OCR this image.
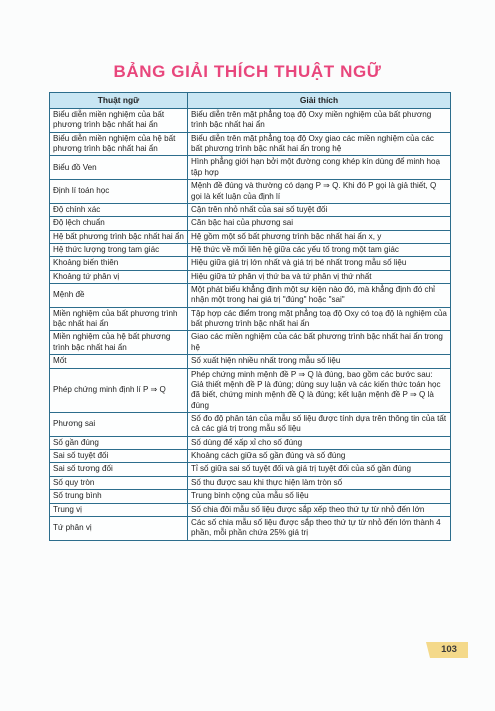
BẢNG GIẢI THÍCH THUẬT NGỮ
Thuật ngữ	Giải thích
Biểu diễn miền nghiệm của bất phương trình bậc nhất hai ẩn	Biểu diễn trên mặt phẳng toạ độ Oxy miền nghiệm của bất phương trình bậc nhất hai ẩn
Biểu diễn miền nghiệm của hệ bất phương trình bậc nhất hai ẩn	Biểu diễn trên mặt phẳng toạ độ Oxy giao các miền nghiệm của các bất phương trình bậc nhất hai ẩn trong hệ
Biểu đồ Ven	Hình phẳng giới hạn bởi một đường cong khép kín dùng để minh hoạ tập hợp
Định lí toán học	Mệnh đề đúng và thường có dạng P ⇒ Q. Khi đó P gọi là giả thiết, Q gọi là kết luận của định lí
Độ chính xác	Cận trên nhỏ nhất của sai số tuyệt đối
Độ lệch chuẩn	Căn bậc hai của phương sai
Hệ bất phương trình bậc nhất hai ẩn	Hệ gồm một số bất phương trình bậc nhất hai ẩn x, y
Hệ thức lượng trong tam giác	Hệ thức về mối liên hệ giữa các yếu tố trong một tam giác
Khoảng biến thiên	Hiệu giữa giá trị lớn nhất và giá trị bé nhất trong mẫu số liệu
Khoảng tứ phân vị	Hiệu giữa tứ phân vị thứ ba và tứ phân vị thứ nhất
Mệnh đề	Một phát biểu khẳng định một sự kiện nào đó, mà khẳng định đó chỉ nhận một trong hai giá trị "đúng" hoặc "sai"
Miền nghiệm của bất phương trình bậc nhất hai ẩn	Tập hợp các điểm trong mặt phẳng toạ độ Oxy có toạ độ là nghiệm của bất phương trình bậc nhất hai ẩn
Miền nghiệm của hệ bất phương trình bậc nhất hai ẩn	Giao các miền nghiệm của các bất phương trình bậc nhất hai ẩn trong hệ
Mốt	Số xuất hiện nhiều nhất trong mẫu số liệu
Phép chứng minh định lí P ⇒ Q	Phép chứng minh mệnh đề P ⇒ Q là đúng, bao gồm các bước sau: Giả thiết mệnh đề P là đúng; dùng suy luận và các kiến thức toán học đã biết, chứng minh mệnh đề Q là đúng; kết luận mệnh đề P ⇒ Q là đúng
Phương sai	Số đo độ phân tán của mẫu số liệu được tính dựa trên thông tin của tất cả các giá trị trong mẫu số liệu
Số gần đúng	Số dùng để xấp xỉ cho số đúng
Sai số tuyệt đối	Khoảng cách giữa số gần đúng và số đúng
Sai số tương đối	Tỉ số giữa sai số tuyệt đối và giá trị tuyệt đối của số gần đúng
Số quy tròn	Số thu được sau khi thực hiện làm tròn số
Số trung bình	Trung bình cộng của mẫu số liệu
Trung vị	Số chia đôi mẫu số liệu được sắp xếp theo thứ tự từ nhỏ đến lớn
Tứ phân vị	Các số chia mẫu số liệu được sắp theo thứ tự từ nhỏ đến lớn thành 4 phần, mỗi phần chứa 25% giá trị
103
